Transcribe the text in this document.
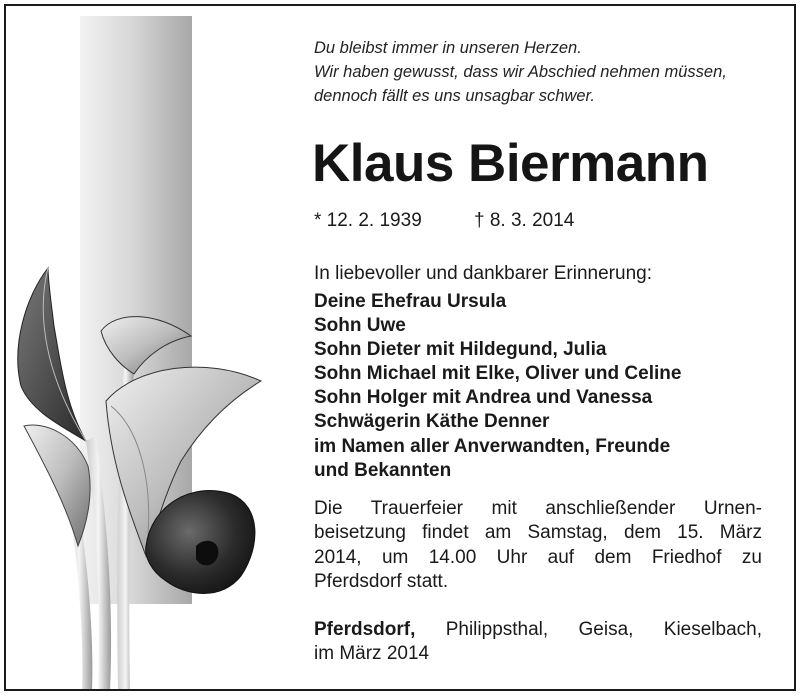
Du bleibst immer in unseren Herzen.
Wir haben gewusst, dass wir Abschied nehmen müssen,
dennoch fällt es uns unsagbar schwer.
Klaus Biermann
* 12. 2. 1939	† 8. 3. 2014
In liebevoller und dankbarer Erinnerung:
Deine Ehefrau Ursula
Sohn Uwe
Sohn Dieter mit Hildegund, Julia
Sohn Michael mit Elke, Oliver und Celine
Sohn Holger mit Andrea und Vanessa
Schwägerin Käthe Denner
im Namen aller Anverwandten, Freunde
und Bekannten
Die Trauerfeier mit anschließender Urnen-
beisetzung findet am Samstag, dem 15. März
2014, um 14.00 Uhr auf dem Friedhof zu
Pferdsdorf statt.
Pferdsdorf, Philippsthal, Geisa, Kieselbach,
im März 2014
